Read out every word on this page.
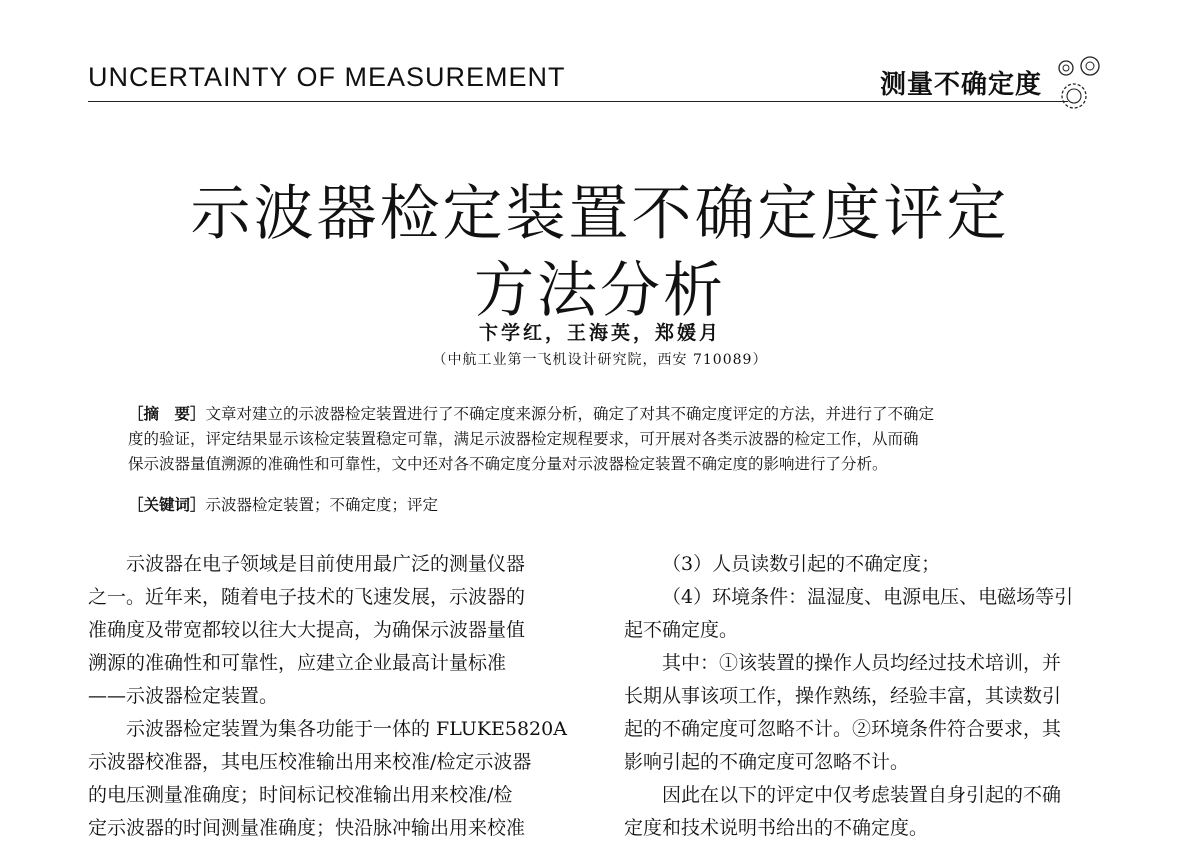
UNCERTAINTY OF MEASUREMENT	测量不确定度
示波器检定装置不确定度评定
方法分析
卞学红，王海英，郑媛月
（中航工业第一飞机设计研究院，西安 710089）
［摘　要］文章对建立的示波器检定装置进行了不确定度来源分析，确定了对其不确定度评定的方法，并进行了不确定
度的验证，评定结果显示该检定装置稳定可靠，满足示波器检定规程要求，可开展对各类示波器的检定工作，从而确
保示波器量值溯源的准确性和可靠性，文中还对各不确定度分量对示波器检定装置不确定度的影响进行了分析。
［关键词］示波器检定装置；不确定度；评定

示波器在电子领域是目前使用最广泛的测量仪器

之一。近年来，随着电子技术的飞速发展，示波器的

准确度及带宽都较以往大大提高，为确保示波器量值

溯源的准确性和可靠性，应建立企业最高计量标准

——示波器检定装置。

示波器检定装置为集各功能于一体的 FLUKE5820A

示波器校准器，其电压校准输出用来校准/检定示波器

的电压测量准确度；时间标记校准输出用来校准/检

定示波器的时间测量准确度；快沿脉冲输出用来校准

（3）人员读数引起的不确定度；

（4）环境条件：温湿度、电源电压、电磁场等引

起不确定度。

其中：①该装置的操作人员均经过技术培训，并

长期从事该项工作，操作熟练，经验丰富，其读数引

起的不确定度可忽略不计。②环境条件符合要求，其

影响引起的不确定度可忽略不计。

因此在以下的评定中仅考虑装置自身引起的不确

定度和技术说明书给出的不确定度。
